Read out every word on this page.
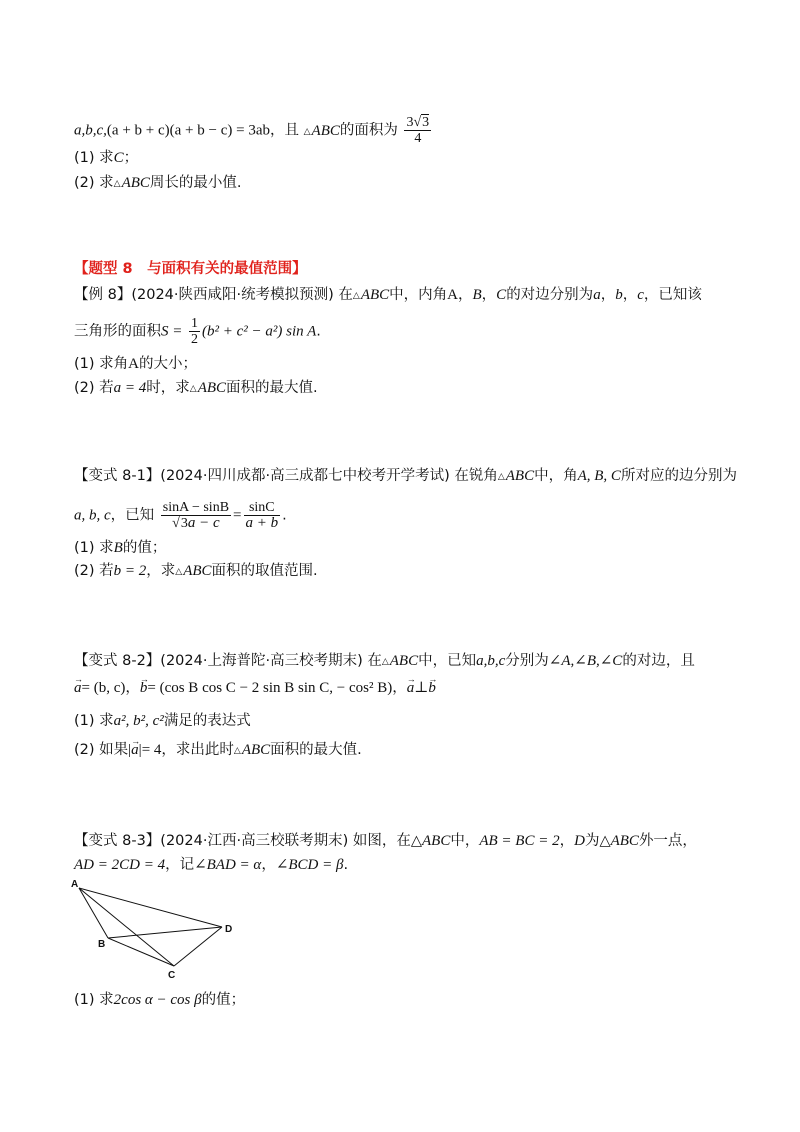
a,b,c,(a + b + c)(a + b − c) = 3ab，且 △ABC的面积为 $\frac{3√3}{4}$
(1) 求C；
(2) 求△ABC周长的最小值.
【题型 8　与面积有关的最值范围】
【例 8】(2024·陕西咸阳·统考模拟预测) 在△ABC中，内角A，B，C的对边分别为a，b，c，已知该
三角形的面积$S = \frac{1}{2} (b^2 + c^2 - a^2)$ sin A.
(1) 求角A的大小；
(2) 若a = 4时，求△ABC面积的最大值.
【变式 8-1】(2024·四川成都·高三成都七中校考开学考试) 在锐角△ABC中，角A, B, C所对应的边分别为
a, b, c，已知 $\frac{\sin A - \sin B}{√3a - c} = \frac{\sin C}{a + b}$ .
(1) 求B的值；
(2) 若b = 2，求△ABC面积的取值范围.
【变式 8-2】(2024·上海普陀·高三校考期末) 在△ABC中，已知a,b,c分别为∠A,∠B,∠C的对边，且
→ a= (b, c)，→ b= (cos B cos C − 2 sin B sin C, − cos² B)，→ a⊥→ b
(1) 求a², b², c²满足的表达式
(2) 如果|→ a|= 4，求出此时△ABC面积的最大值.
【变式 8-3】(2024·江西·高三校联考期末) 如图，在△ABC中，AB = BC = 2，D为△ABC外一点，
AD = 2CD = 4，记∠BAD = α，∠BCD = β.
A
B
C
D
(1) 求2cos α − cos β的值；
